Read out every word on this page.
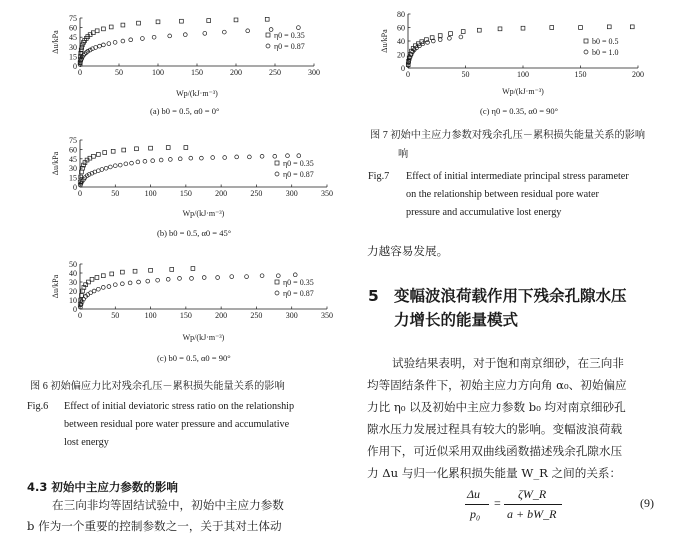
0	50	100	150	200	250	300
0
15
30
45
60
75
Δu/kPa
Wp/(kJ·m⁻³)
η0 = 0.35
η0 = 0.87
(a) b0 = 0.5, α0 = 0°
0	50	100	150	200	250	300	350
0
15
30
45
60
75
Δu/kPa
Wp/(kJ·m⁻³)
η0 = 0.35
η0 = 0.87
(b) b0 = 0.5, α0 = 45°
0	50	100	150	200	250	300	350
0
10
20
30
40
50
Δu/kPa
Wp/(kJ·m⁻³)
η0 = 0.35
η0 = 0.87
(c) b0 = 0.5, α0 = 90°
图 6 初始偏应力比对残余孔压－累积损失能量关系的影响
Fig.6 Effect of initial deviatoric stress ratio on the relationship
between residual pore water pressure and accumulative
lost energy
4.3 初始中主应力参数的影响
在三向非均等固结试验中，初始中主应力参数
b 作为一个重要的控制参数之一，关于其对土体动
0	50	100	150	200
0
20
40
60
80
Δu/kPa
Wp/(kJ·m⁻³)
b0 = 0.5
b0 = 1.0
(c) η0 = 0.35, α0 = 90°
图 7 初始中主应力参数对残余孔压－累积损失能量关系的影响
响
Fig.7 Effect of initial intermediate principal stress parameter
on the relationship between residual pore water
pressure and accumulative lost energy
力越容易发展。
5 变幅波浪荷载作用下残余孔隙水压
力增长的能量模式
试验结果表明，对于饱和南京细砂，在三向非
均等固结条件下，初始主应力方向角 α₀、初始偏应
力比 η₀ 以及初始中主应力参数 b₀ 均对南京细砂孔
隙水压力发展过程具有较大的影响。变幅波浪荷载
作用下，可近似采用双曲线函数描述残余孔隙水压
力 Δu 与归一化累积损失能量 W_R 之间的关系：
Δu
p₀
=
ζW_R
a + bW_R
(9)
